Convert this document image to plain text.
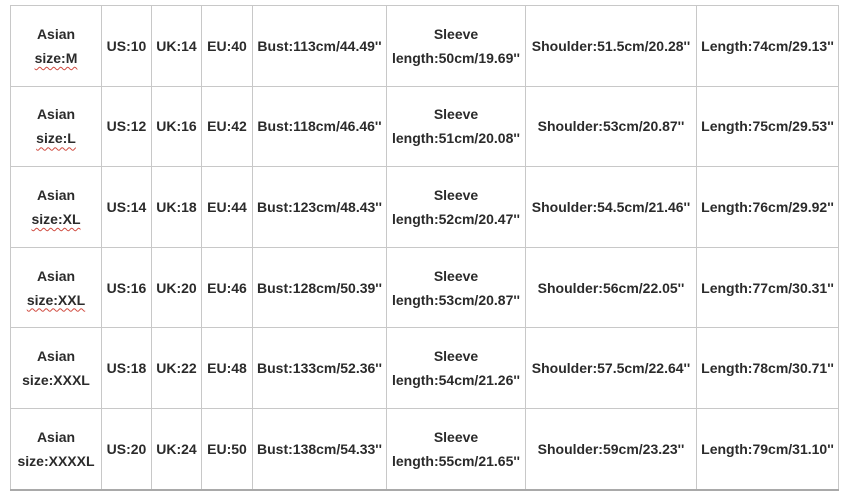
Asian
size:M	US:10	UK:14	EU:40	Bust:113cm/44.49''	Sleeve length:50cm/19.69''	Shoulder:51.5cm/20.28''	Length:74cm/29.13''
Asian
size:L	US:12	UK:16	EU:42	Bust:118cm/46.46''	Sleeve length:51cm/20.08''	Shoulder:53cm/20.87''	Length:75cm/29.53''
Asian
size:XL	US:14	UK:18	EU:44	Bust:123cm/48.43''	Sleeve length:52cm/20.47''	Shoulder:54.5cm/21.46''	Length:76cm/29.92''
Asian
size:XXL	US:16	UK:20	EU:46	Bust:128cm/50.39''	Sleeve length:53cm/20.87''	Shoulder:56cm/22.05''	Length:77cm/30.31''
Asian
size:XXXL	US:18	UK:22	EU:48	Bust:133cm/52.36''	Sleeve length:54cm/21.26''	Shoulder:57.5cm/22.64''	Length:78cm/30.71''
Asian
size:XXXXL	US:20	UK:24	EU:50	Bust:138cm/54.33''	Sleeve length:55cm/21.65''	Shoulder:59cm/23.23''	Length:79cm/31.10''
